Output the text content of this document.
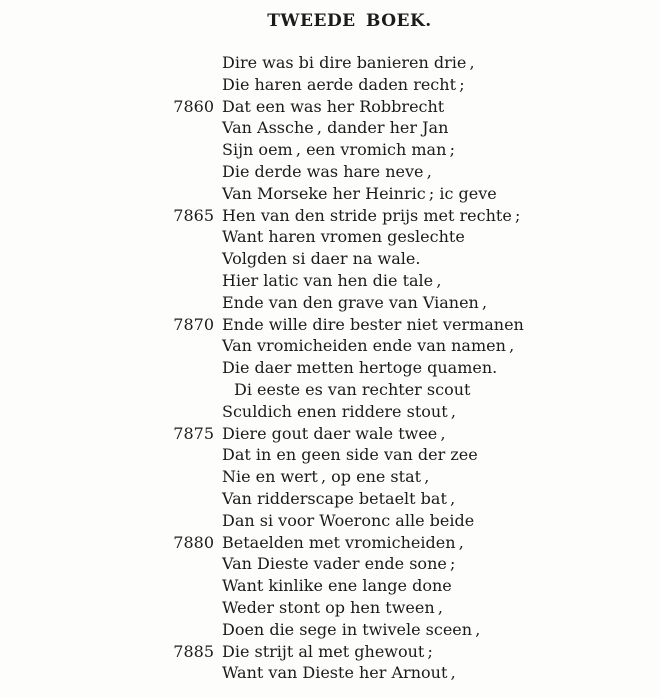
TWEEDE BOEK.
Dire was bi dire banieren drie ,
Die haren aerde daden recht ;
7860 Dat een was her Robbrecht
Van Assche , dander her Jan
Sijn oem , een vromich man ;
Die derde was hare neve ,
Van Morseke her Heinric ; ic geve
7865 Hen van den stride prijs met rechte ;
Want haren vromen geslechte
Volgden si daer na wale.
Hier latic van hen die tale ,
Ende van den grave van Vianen ,
7870 Ende wille dire bester niet vermanen
Van vromicheiden ende van namen ,
Die daer metten hertoge quamen.
Di eeste es van rechter scout
Sculdich enen riddere stout ,
7875 Diere gout daer wale twee ,
Dat in en geen side van der zee
Nie en wert , op ene stat ,
Van ridderscape betaelt bat ,
Dan si voor Woeronc alle beide
7880 Betaelden met vromicheiden ,
Van Dieste vader ende sone ;
Want kinlike ene lange done
Weder stont op hen tween ,
Doen die sege in twivele sceen ,
7885 Die strijt al met ghewout ;
Want van Dieste her Arnout ,
